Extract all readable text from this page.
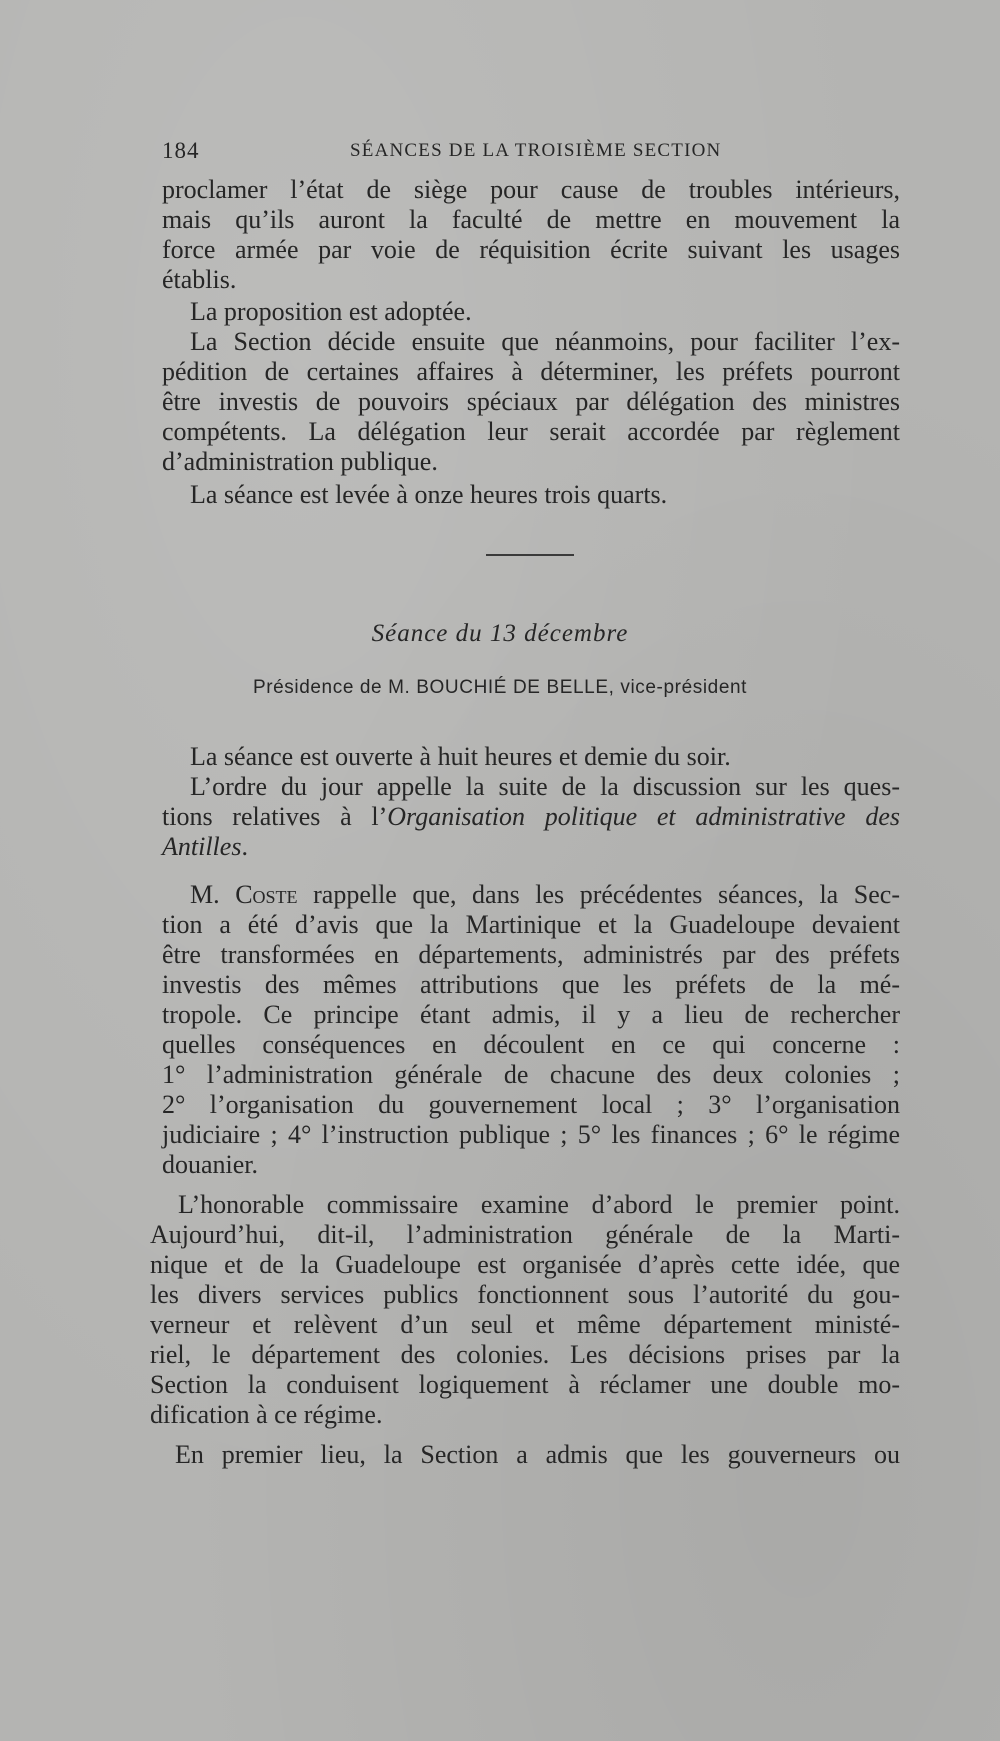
184	SÉANCES DE LA TROISIÈME SECTION
proclamer l’état de siège pour cause de troubles intérieurs,
mais qu’ils auront la faculté de mettre en mouvement la
force armée par voie de réquisition écrite suivant les usages
établis.
La proposition est adoptée.
La Section décide ensuite que néanmoins, pour faciliter l’ex-
pédition de certaines affaires à déterminer, les préfets pourront
être investis de pouvoirs spéciaux par délégation des ministres
compétents. La délégation leur serait accordée par règlement
d’administration publique.
La séance est levée à onze heures trois quarts.
Séance du 13 décembre
Présidence de M. BOUCHIÉ DE BELLE, vice-président
La séance est ouverte à huit heures et demie du soir.
L’ordre du jour appelle la suite de la discussion sur les ques-
tions relatives à l’Organisation politique et administrative des
Antilles.
M. Coste rappelle que, dans les précédentes séances, la Sec-
tion a été d’avis que la Martinique et la Guadeloupe devaient
être transformées en départements, administrés par des préfets
investis des mêmes attributions que les préfets de la mé-
tropole. Ce principe étant admis, il y a lieu de rechercher
quelles conséquences en découlent en ce qui concerne :
1° l’administration générale de chacune des deux colonies ;
2° l’organisation du gouvernement local ; 3° l’organisation
judiciaire ; 4° l’instruction publique ; 5° les finances ; 6° le régime
douanier.
L’honorable commissaire examine d’abord le premier point.
Aujourd’hui, dit-il, l’administration générale de la Marti-
nique et de la Guadeloupe est organisée d’après cette idée, que
les divers services publics fonctionnent sous l’autorité du gou-
verneur et relèvent d’un seul et même département ministé-
riel, le département des colonies. Les décisions prises par la
Section la conduisent logiquement à réclamer une double mo-
dification à ce régime.
En premier lieu, la Section a admis que les gouverneurs ou
